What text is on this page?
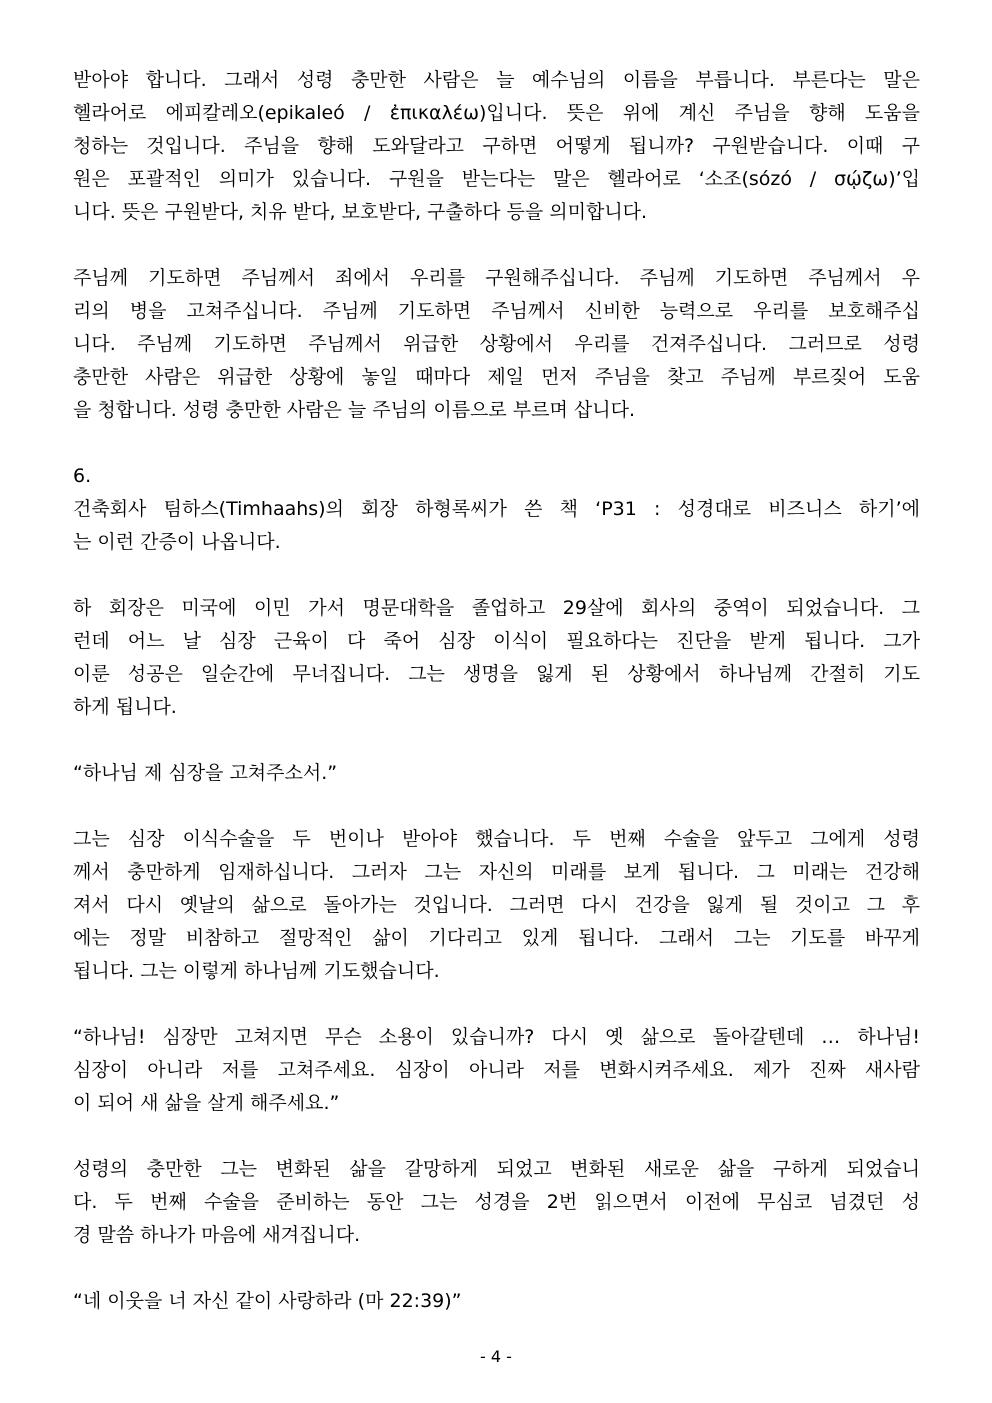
받아야 합니다. 그래서 성령 충만한 사람은 늘 예수님의 이름을 부릅니다. 부른다는 말은
헬라어로 에피칼레오(epikaleó / ἐπικαλέω)입니다. 뜻은 위에 계신 주님을 향해 도움을
청하는 것입니다. 주님을 향해 도와달라고 구하면 어떻게 됩니까? 구원받습니다. 이때 구
원은 포괄적인 의미가 있습니다. 구원을 받는다는 말은 헬라어로 ‘소조(sózó / σῴζω)’입
니다. 뜻은 구원받다, 치유 받다, 보호받다, 구출하다 등을 의미합니다.
주님께 기도하면 주님께서 죄에서 우리를 구원해주십니다. 주님께 기도하면 주님께서 우
리의 병을 고쳐주십니다. 주님께 기도하면 주님께서 신비한 능력으로 우리를 보호해주십
니다. 주님께 기도하면 주님께서 위급한 상황에서 우리를 건져주십니다. 그러므로 성령
충만한 사람은 위급한 상황에 놓일 때마다 제일 먼저 주님을 찾고 주님께 부르짖어 도움
을 청합니다. 성령 충만한 사람은 늘 주님의 이름으로 부르며 삽니다.
6.
건축회사 팀하스(Timhaahs)의 회장 하형록씨가 쓴 책 ‘P31 : 성경대로 비즈니스 하기’에
는 이런 간증이 나옵니다.
하 회장은 미국에 이민 가서 명문대학을 졸업하고 29살에 회사의 중역이 되었습니다. 그
런데 어느 날 심장 근육이 다 죽어 심장 이식이 필요하다는 진단을 받게 됩니다. 그가
이룬 성공은 일순간에 무너집니다. 그는 생명을 잃게 된 상황에서 하나님께 간절히 기도
하게 됩니다.
“하나님 제 심장을 고쳐주소서.”
그는 심장 이식수술을 두 번이나 받아야 했습니다. 두 번째 수술을 앞두고 그에게 성령
께서 충만하게 임재하십니다. 그러자 그는 자신의 미래를 보게 됩니다. 그 미래는 건강해
져서 다시 옛날의 삶으로 돌아가는 것입니다. 그러면 다시 건강을 잃게 될 것이고 그 후
에는 정말 비참하고 절망적인 삶이 기다리고 있게 됩니다. 그래서 그는 기도를 바꾸게
됩니다. 그는 이렇게 하나님께 기도했습니다.
“하나님! 심장만 고쳐지면 무슨 소용이 있습니까? 다시 옛 삶으로 돌아갈텐데 … 하나님!
심장이 아니라 저를 고쳐주세요. 심장이 아니라 저를 변화시켜주세요. 제가 진짜 새사람
이 되어 새 삶을 살게 해주세요.”
성령의 충만한 그는 변화된 삶을 갈망하게 되었고 변화된 새로운 삶을 구하게 되었습니
다. 두 번째 수술을 준비하는 동안 그는 성경을 2번 읽으면서 이전에 무심코 넘겼던 성
경 말씀 하나가 마음에 새겨집니다.
“네 이웃을 너 자신 같이 사랑하라 (마 22:39)”
- 4 -
